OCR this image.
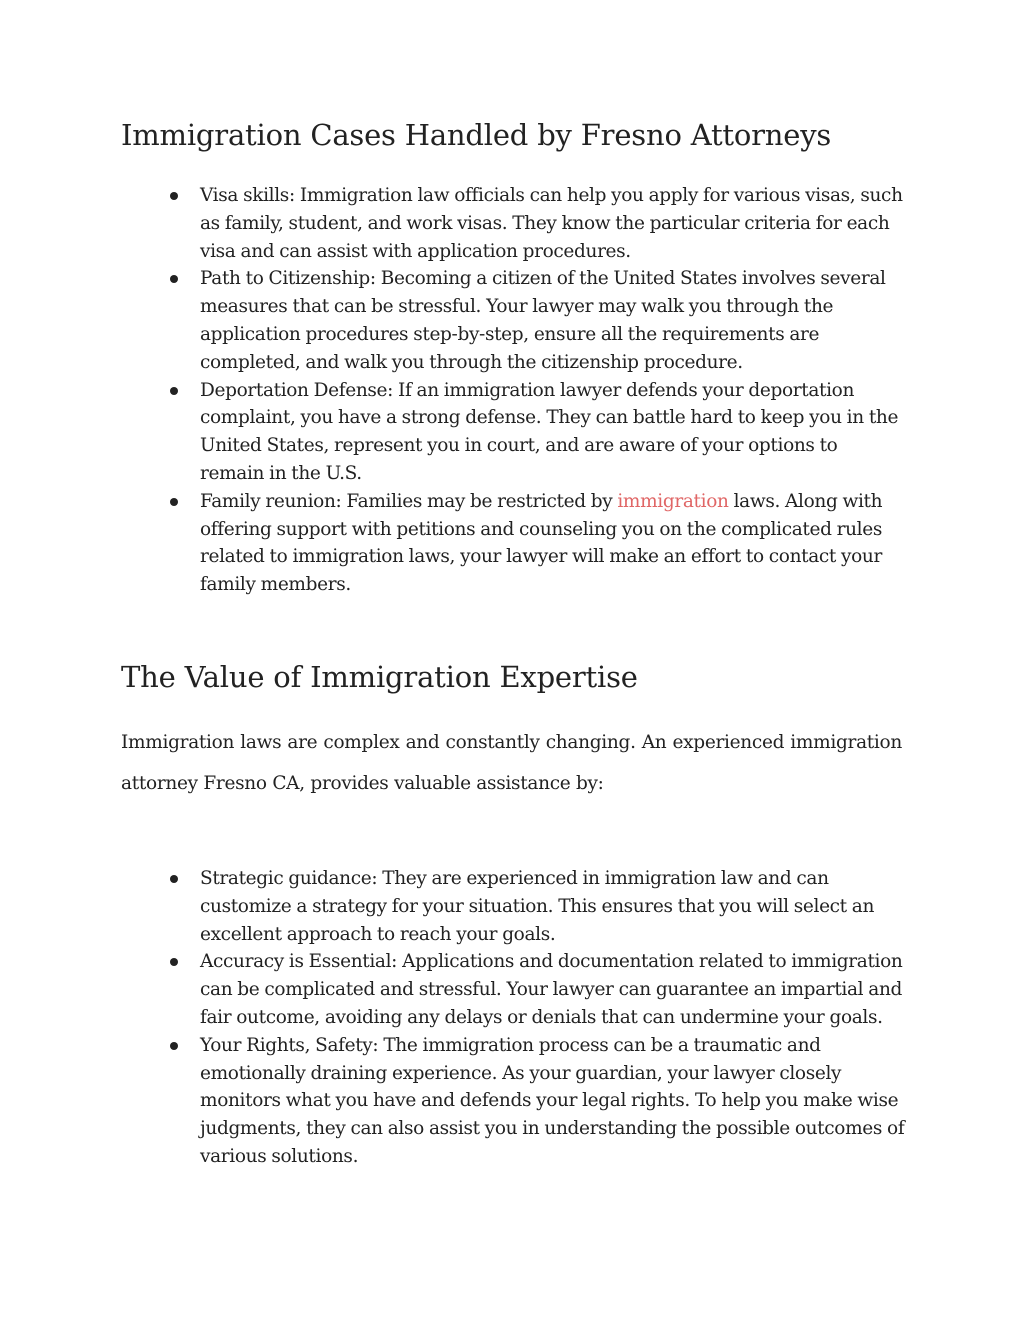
Immigration Cases Handled by Fresno Attorneys
Visa skills: Immigration law officials can help you apply for various visas, such as family, student, and work visas. They know the particular criteria for each visa and can assist with application procedures.
Path to Citizenship: Becoming a citizen of the United States involves several measures that can be stressful. Your lawyer may walk you through the application procedures step-by-step, ensure all the requirements are completed, and walk you through the citizenship procedure.
Deportation Defense: If an immigration lawyer defends your deportation complaint, you have a strong defense. They can battle hard to keep you in the United States, represent you in court, and are aware of your options to remain in the U.S.
Family reunion: Families may be restricted by immigration laws. Along with offering support with petitions and counseling you on the complicated rules related to immigration laws, your lawyer will make an effort to contact your family members.
The Value of Immigration Expertise

Immigration laws are complex and constantly changing. An experienced immigration attorney Fresno CA, provides valuable assistance by:

Strategic guidance: They are experienced in immigration law and can customize a strategy for your situation. This ensures that you will select an excellent approach to reach your goals.
Accuracy is Essential: Applications and documentation related to immigration can be complicated and stressful. Your lawyer can guarantee an impartial and fair outcome, avoiding any delays or denials that can undermine your goals.
Your Rights, Safety: The immigration process can be a traumatic and emotionally draining experience. As your guardian, your lawyer closely monitors what you have and defends your legal rights. To help you make wise judgments, they can also assist you in understanding the possible outcomes of various solutions.
